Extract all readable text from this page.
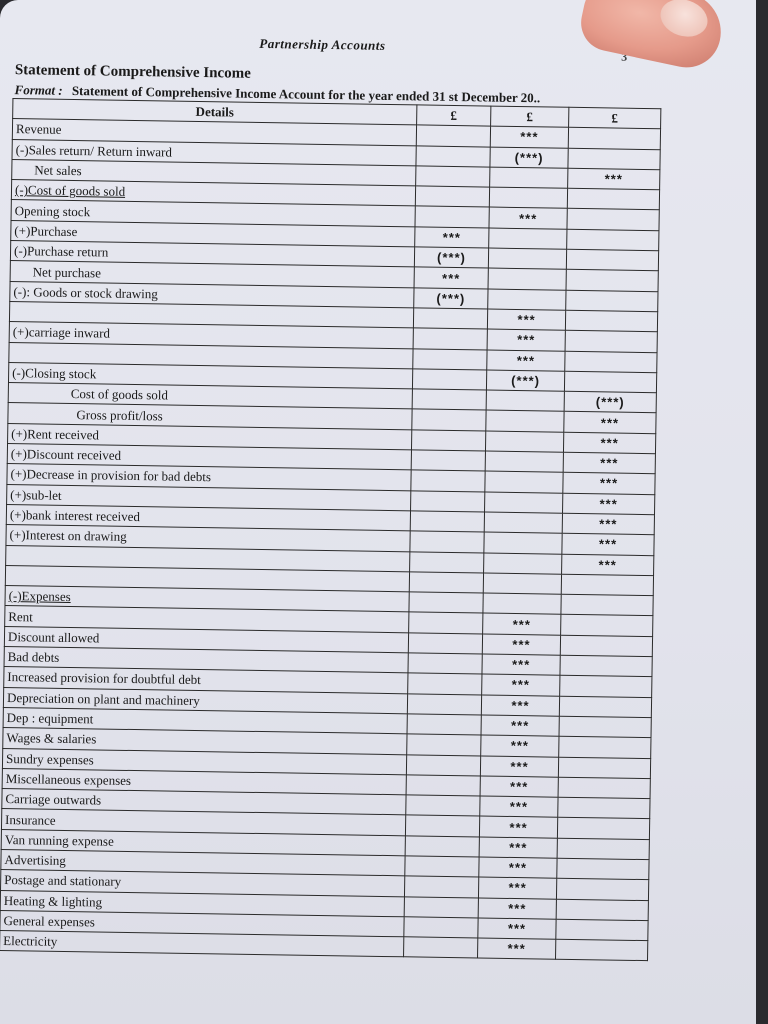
Partnership Accounts
3
Statement of Comprehensive Income
Format : Statement of Comprehensive Income Account for the year ended 31 st December 20..
Details	£	£	£
Revenue		***	
(-)Sales return/ Return inward		(***)	
Net sales			***
(-)Cost of goods sold			
Opening stock		***	
(+)Purchase	***		
(-)Purchase return	(***)		
Net purchase	***		
(-): Goods or stock drawing	(***)		
		***	
(+)carriage inward		***	
		***	
(-)Closing stock		(***)	
Cost of goods sold			(***)
Gross profit/loss			***
(+)Rent received			***
(+)Discount received			***
(+)Decrease in provision for bad debts			***
(+)sub-let			***
(+)bank interest received			***
(+)Interest on drawing			***
			***

(-)Expenses			
Rent		***	
Discount allowed		***	
Bad debts		***	
Increased provision for doubtful debt		***	
Depreciation on plant and machinery		***	
Dep : equipment		***	
Wages & salaries		***	
Sundry expenses		***	
Miscellaneous expenses		***	
Carriage outwards		***	
Insurance		***	
Van running expense		***	
Advertising		***	
Postage and stationary		***	
Heating & lighting		***	
General expenses		***	
Electricity		***	
